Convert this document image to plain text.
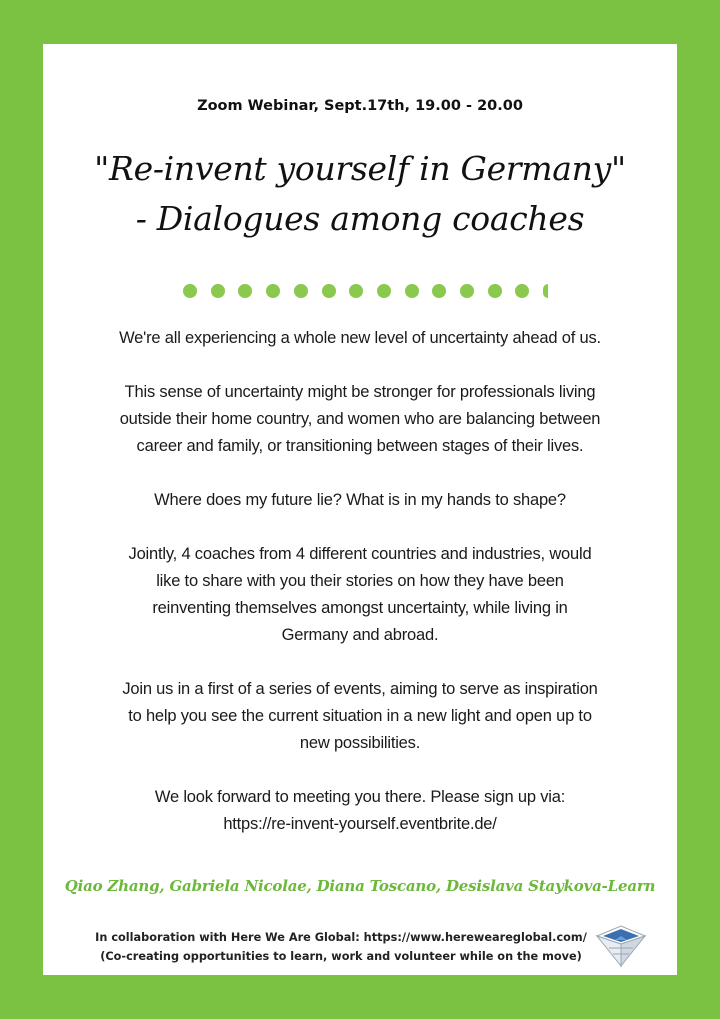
Zoom Webinar, Sept.17th, 19.00 - 20.00
"Re-invent yourself in Germany"
- Dialogues among coaches

We're all experiencing a whole new level of uncertainty ahead of us.

This sense of uncertainty might be stronger for professionals living
outside their home country, and women who are balancing between
career and family, or transitioning between stages of their lives.

Where does my future lie? What is in my hands to shape?

Jointly, 4 coaches from 4 different countries and industries, would
like to share with you their stories on how they have been
reinventing themselves amongst uncertainty, while living in
Germany and abroad.

Join us in a first of a series of events, aiming to serve as inspiration
to help you see the current situation in a new light and open up to
new possibilities.

We look forward to meeting you there. Please sign up via:
https://re-invent-yourself.eventbrite.de/

Qiao Zhang, Gabriela Nicolae, Diana Toscano, Desislava Staykova-Learn
In collaboration with Here We Are Global: https://www.hereweareglobal.com/
(Co-creating opportunities to learn, work and volunteer while on the move)
